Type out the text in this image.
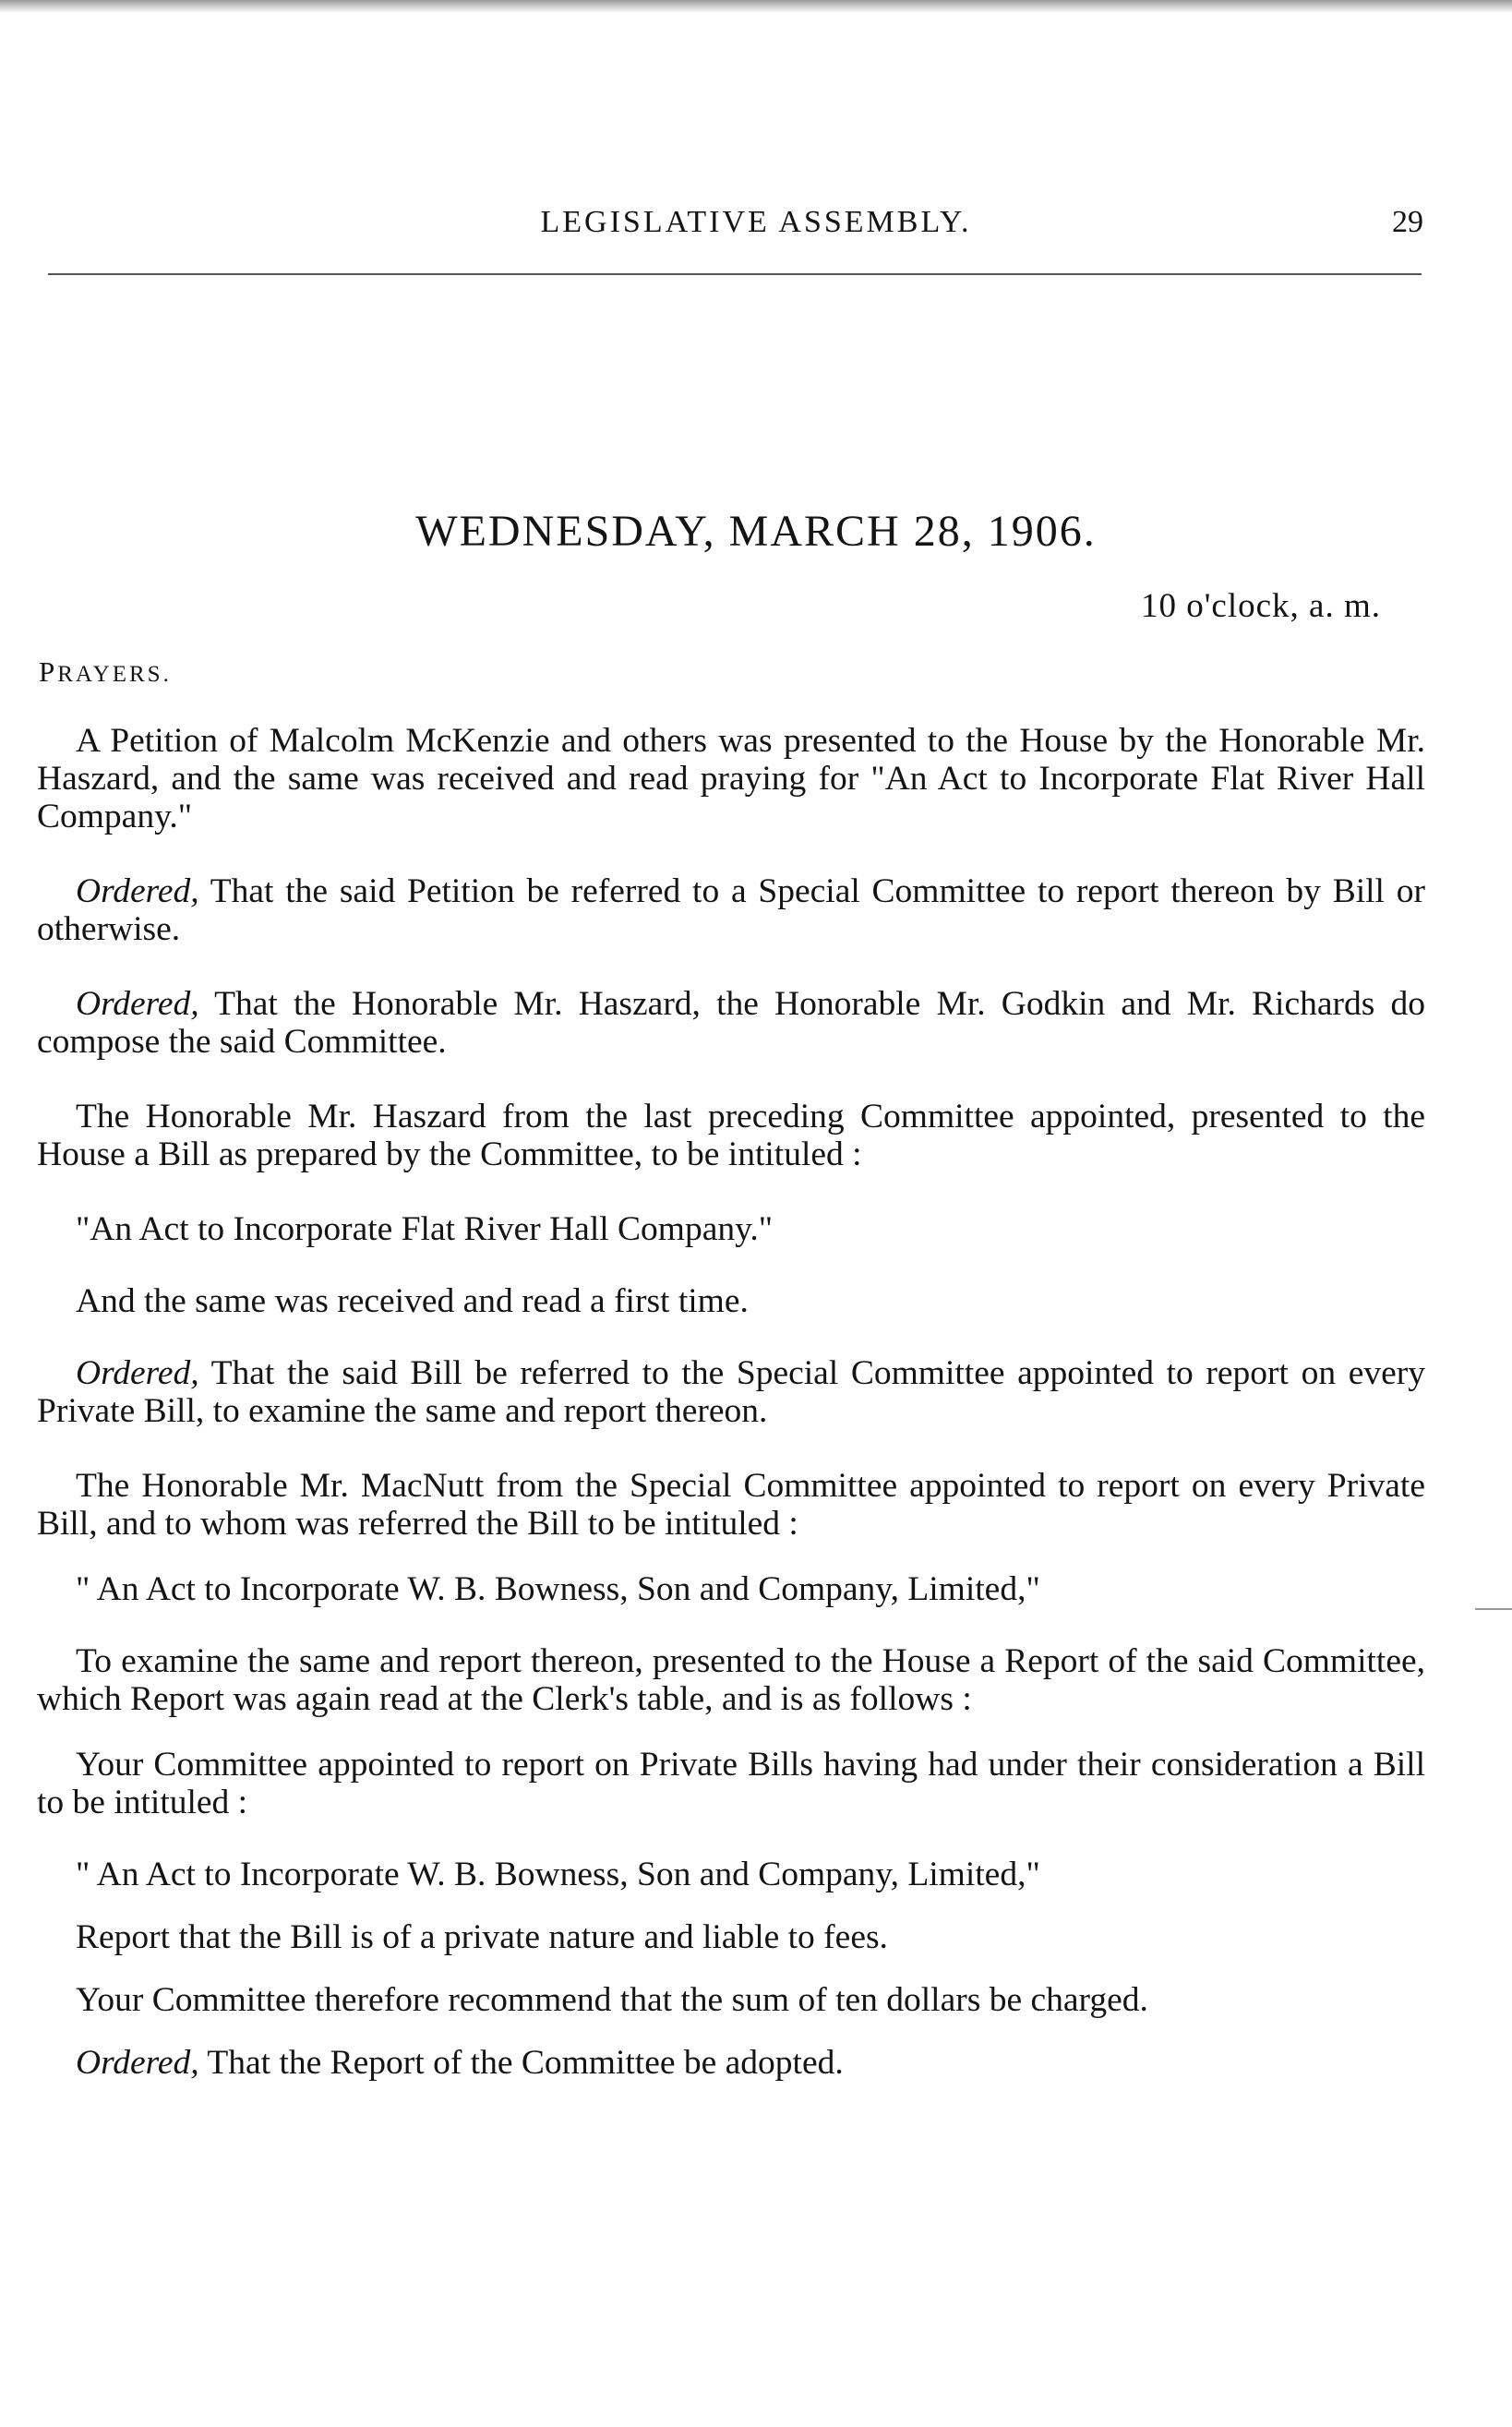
LEGISLATIVE ASSEMBLY.	29
WEDNESDAY, MARCH 28, 1906.
10 o'clock, a. m.
PRAYERS.

A Petition of Malcolm McKenzie and others was presented to the House by the Honorable Mr. Haszard, and the same was received and read praying for "An Act to Incorporate Flat River Hall Company."

Ordered, That the said Petition be referred to a Special Committee to report thereon by Bill or otherwise.

Ordered, That the Honorable Mr. Haszard, the Honorable Mr. Godkin and Mr. Richards do compose the said Committee.

The Honorable Mr. Haszard from the last preceding Committee appointed, presented to the House a Bill as prepared by the Committee, to be intituled :

"An Act to Incorporate Flat River Hall Company."

And the same was received and read a first time.

Ordered, That the said Bill be referred to the Special Committee appointed to report on every Private Bill, to examine the same and report thereon.

The Honorable Mr. MacNutt from the Special Committee appointed to report on every Private Bill, and to whom was referred the Bill to be intituled :

" An Act to Incorporate W. B. Bowness, Son and Company, Limited,"

To examine the same and report thereon, presented to the House a Report of the said Committee, which Report was again read at the Clerk's table, and is as follows :

Your Committee appointed to report on Private Bills having had under their consideration a Bill to be intituled :

" An Act to Incorporate W. B. Bowness, Son and Company, Limited,"

Report that the Bill is of a private nature and liable to fees.

Your Committee therefore recommend that the sum of ten dollars be charged.

Ordered, That the Report of the Committee be adopted.
